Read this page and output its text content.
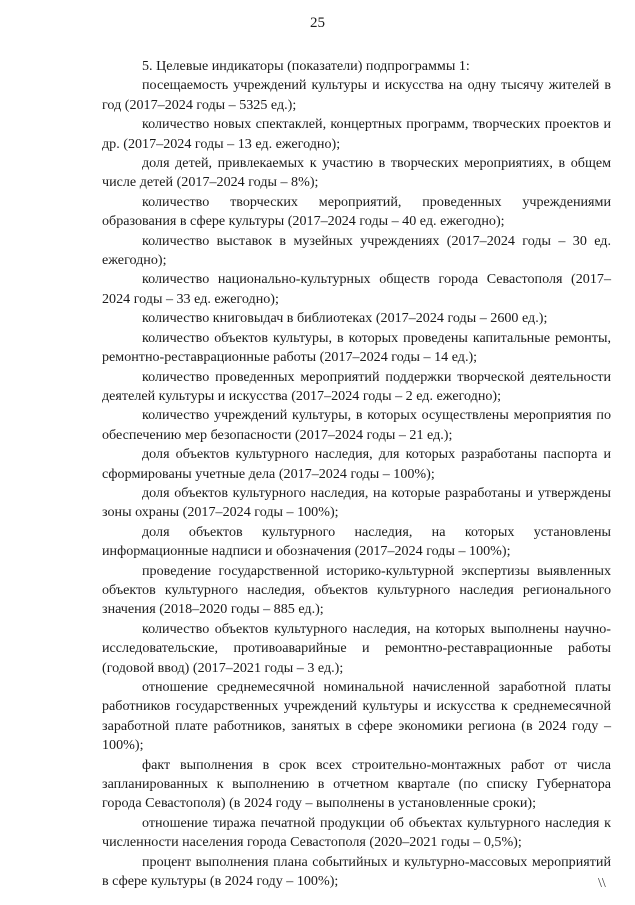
25

5. Целевые индикаторы (показатели) подпрограммы 1:

посещаемость учреждений культуры и искусства на одну тысячу жителей в год (2017–2024 годы – 5325 ед.);

количество новых спектаклей, концертных программ, творческих проектов и др. (2017–2024 годы – 13 ед. ежегодно);

доля детей, привлекаемых к участию в творческих мероприятиях, в общем числе детей (2017–2024 годы – 8%);

количество творческих мероприятий, проведенных учреждениями образования в сфере культуры (2017–2024 годы – 40 ед. ежегодно);

количество выставок в музейных учреждениях (2017–2024 годы – 30 ед. ежегодно);

количество национально-культурных обществ города Севастополя (2017–2024 годы – 33 ед. ежегодно);

количество книговыдач в библиотеках (2017–2024 годы – 2600 ед.);

количество объектов культуры, в которых проведены капитальные ремонты, ремонтно-реставрационные работы (2017–2024 годы – 14 ед.);

количество проведенных мероприятий поддержки творческой деятельности деятелей культуры и искусства (2017–2024 годы – 2 ед. ежегодно);

количество учреждений культуры, в которых осуществлены мероприятия по обеспечению мер безопасности (2017–2024 годы – 21 ед.);

доля объектов культурного наследия, для которых разработаны паспорта и сформированы учетные дела (2017–2024 годы – 100%);

доля объектов культурного наследия, на которые разработаны и утверждены зоны охраны (2017–2024 годы – 100%);

доля объектов культурного наследия, на которых установлены информационные надписи и обозначения (2017–2024 годы – 100%);

проведение государственной историко-культурной экспертизы выявленных объектов культурного наследия, объектов культурного наследия регионального значения (2018–2020 годы – 885 ед.);

количество объектов культурного наследия, на которых выполнены научно-исследовательские, противоаварийные и ремонтно-реставрационные работы (годовой ввод) (2017–2021 годы – 3 ед.);

отношение среднемесячной номинальной начисленной заработной платы работников государственных учреждений культуры и искусства к среднемесячной заработной плате работников, занятых в сфере экономики региона (в 2024 году – 100%);

факт выполнения в срок всех строительно-монтажных работ от числа запланированных к выполнению в отчетном квартале (по списку Губернатора города Севастополя) (в 2024 году – выполнены в установленные сроки);

отношение тиража печатной продукции об объектах культурного наследия к численности населения города Севастополя (2020–2021 годы – 0,5%);

процент выполнения плана событийных и культурно-массовых мероприятий в сфере культуры (в 2024 году – 100%);	\\
